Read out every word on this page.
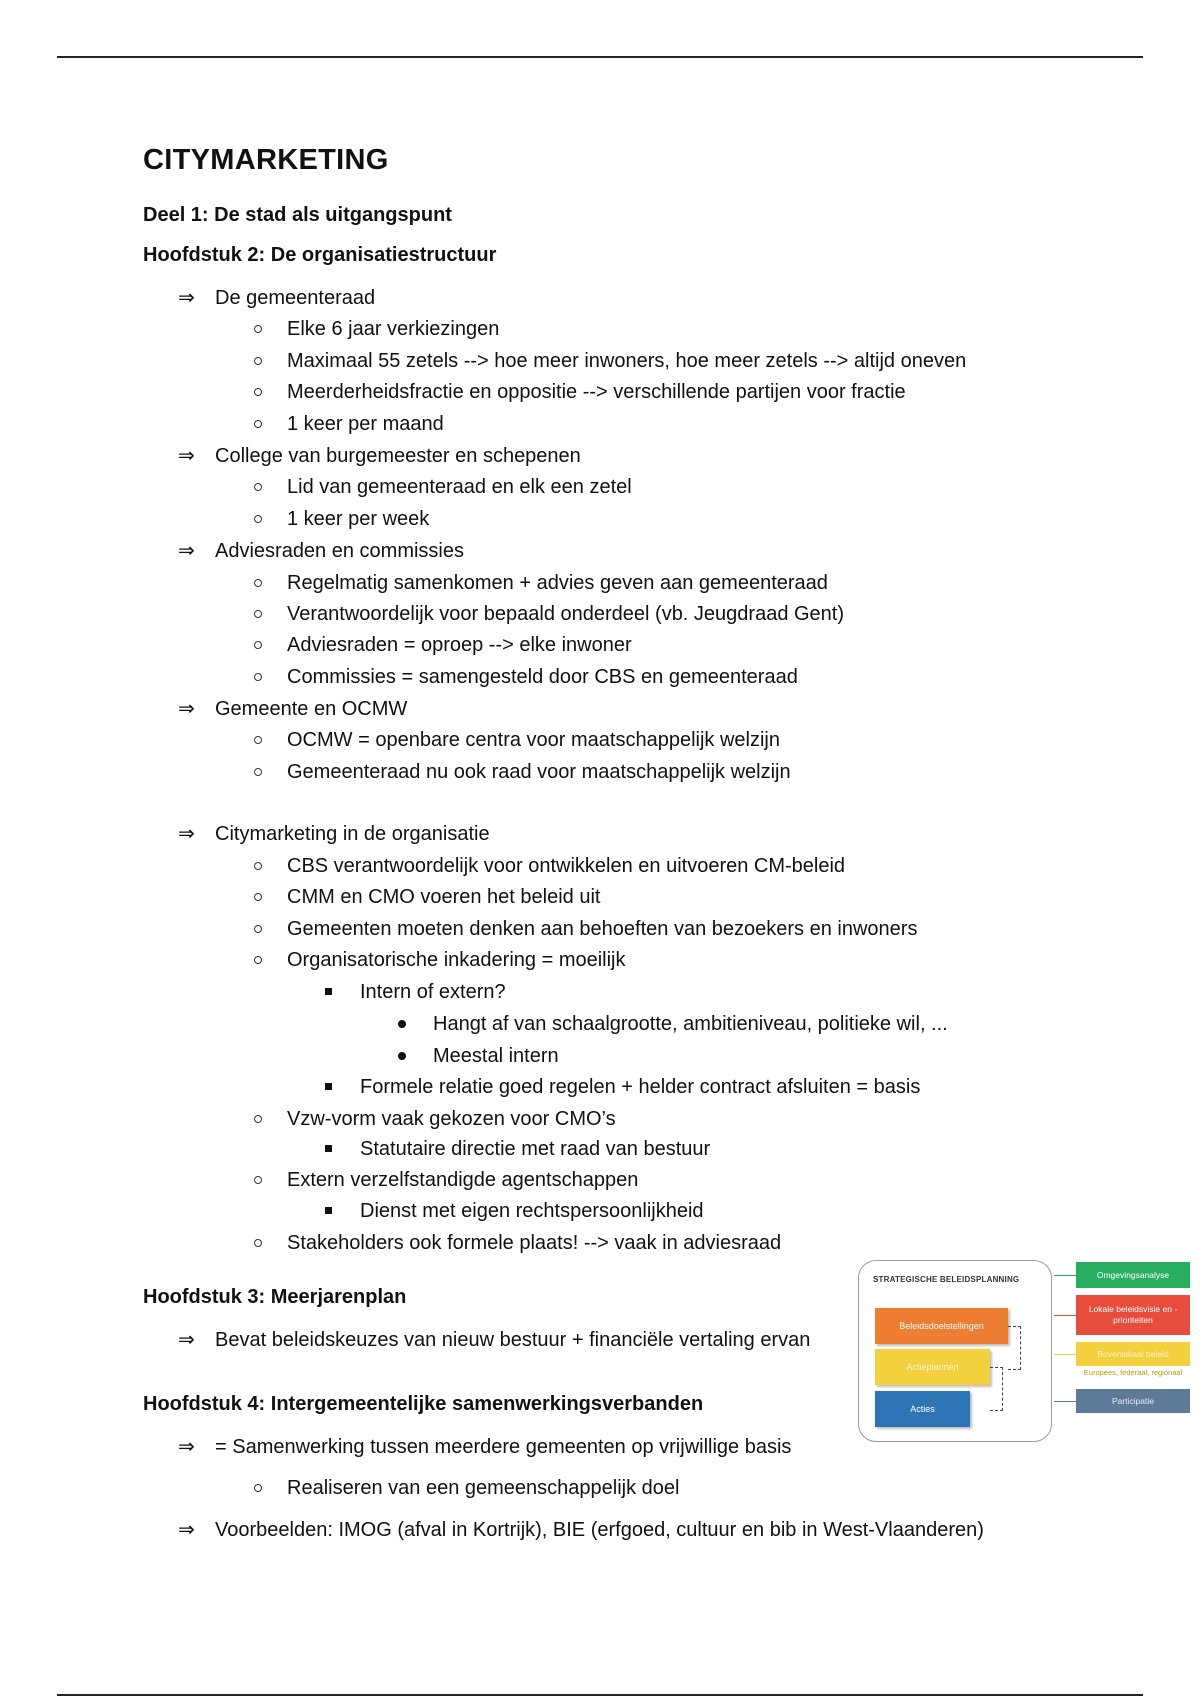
CITYMARKETING
Deel 1: De stad als uitgangspunt
Hoofdstuk 2: De organisatiestructuur
⇒ De gemeenteraad
Elke 6 jaar verkiezingen
Maximaal 55 zetels --> hoe meer inwoners, hoe meer zetels --> altijd oneven
Meerderheidsfractie en oppositie --> verschillende partijen voor fractie
1 keer per maand
⇒ College van burgemeester en schepenen
Lid van gemeenteraad en elk een zetel
1 keer per week
⇒ Adviesraden en commissies
Regelmatig samenkomen + advies geven aan gemeenteraad
Verantwoordelijk voor bepaald onderdeel (vb. Jeugdraad Gent)
Adviesraden = oproep --> elke inwoner
Commissies = samengesteld door CBS en gemeenteraad
⇒ Gemeente en OCMW
OCMW = openbare centra voor maatschappelijk welzijn
Gemeenteraad nu ook raad voor maatschappelijk welzijn
⇒ Citymarketing in de organisatie
CBS verantwoordelijk voor ontwikkelen en uitvoeren CM-beleid
CMM en CMO voeren het beleid uit
Gemeenten moeten denken aan behoeften van bezoekers en inwoners
Organisatorische inkadering = moeilijk
Intern of extern?
Hangt af van schaalgrootte, ambitieniveau, politieke wil, ...
Meestal intern
Formele relatie goed regelen + helder contract afsluiten = basis
Vzw-vorm vaak gekozen voor CMO’s
Statutaire directie met raad van bestuur
Extern verzelfstandigde agentschappen
Dienst met eigen rechtspersoonlijkheid
Stakeholders ook formele plaats! --> vaak in adviesraad
Hoofdstuk 3: Meerjarenplan
⇒ Bevat beleidskeuzes van nieuw bestuur + financiële vertaling ervan
Hoofdstuk 4: Intergemeentelijke samenwerkingsverbanden
⇒ = Samenwerking tussen meerdere gemeenten op vrijwillige basis
Realiseren van een gemeenschappelijk doel
⇒ Voorbeelden: IMOG (afval in Kortrijk), BIE (erfgoed, cultuur en bib in West-Vlaanderen)
STRATEGISCHE BELEIDSPLANNING
Beleidsdoelstellingen
Actieplannen
Acties
Omgevingsanalyse
Lokale beleidsvisie en -prioriteiten
Bovenlokaal beleid
Europees, federaal, regionaal
Participatie
